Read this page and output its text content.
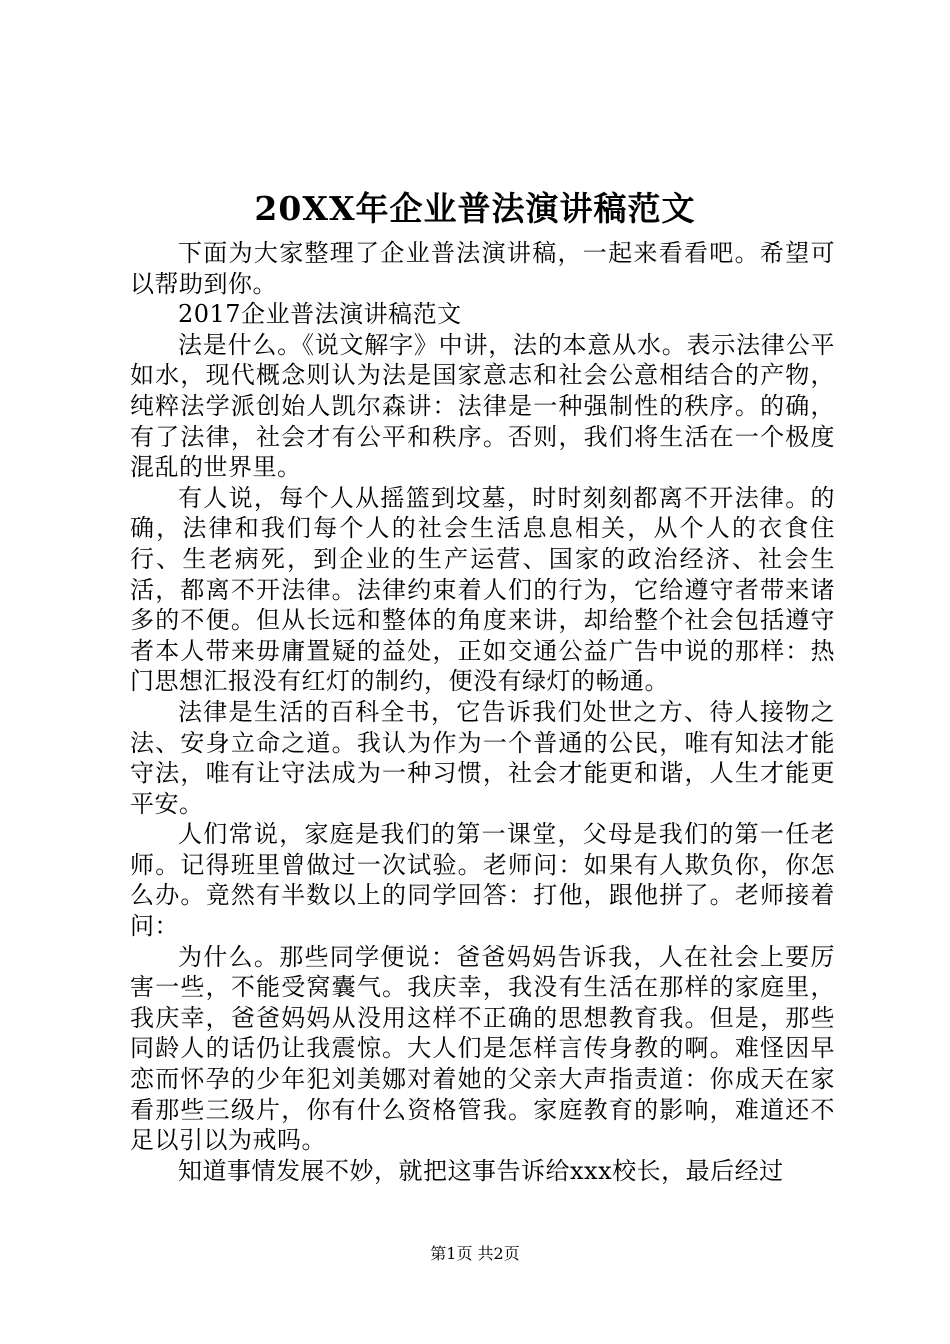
20XX年企业普法演讲稿范文

下面为大家整理了企业普法演讲稿，一起来看看吧。希望可以帮助到你。

2017企业普法演讲稿范文

法是什么。《说文解字》中讲，法的本意从水。表示法律公平如水，现代概念则认为法是国家意志和社会公意相结合的产物，纯粹法学派创始人凯尔森讲：法律是一种强制性的秩序。的确，有了法律，社会才有公平和秩序。否则，我们将生活在一个极度混乱的世界里。

有人说，每个人从摇篮到坟墓，时时刻刻都离不开法律。的确，法律和我们每个人的社会生活息息相关，从个人的衣食住行、生老病死，到企业的生产运营、国家的政治经济、社会生活，都离不开法律。法律约束着人们的行为，它给遵守者带来诸多的不便。但从长远和整体的角度来讲，却给整个社会包括遵守者本人带来毋庸置疑的益处，正如交通公益广告中说的那样：热门思想汇报没有红灯的制约，便没有绿灯的畅通。

法律是生活的百科全书，它告诉我们处世之方、待人接物之法、安身立命之道。我认为作为一个普通的公民，唯有知法才能守法，唯有让守法成为一种习惯，社会才能更和谐，人生才能更平安。

人们常说，家庭是我们的第一课堂，父母是我们的第一任老师。记得班里曾做过一次试验。老师问：如果有人欺负你，你怎么办。竟然有半数以上的同学回答：打他，跟他拼了。老师接着问：

为什么。那些同学便说：爸爸妈妈告诉我，人在社会上要厉害一些，不能受窝囊气。我庆幸，我没有生活在那样的家庭里，我庆幸，爸爸妈妈从没用这样不正确的思想教育我。但是，那些同龄人的话仍让我震惊。大人们是怎样言传身教的啊。难怪因早恋而怀孕的少年犯刘美娜对着她的父亲大声指责道：你成天在家看那些三级片，你有什么资格管我。家庭教育的影响，难道还不足以引以为戒吗。

知道事情发展不妙，就把这事告诉给xxx校长，最后经过

第1页 共2页
